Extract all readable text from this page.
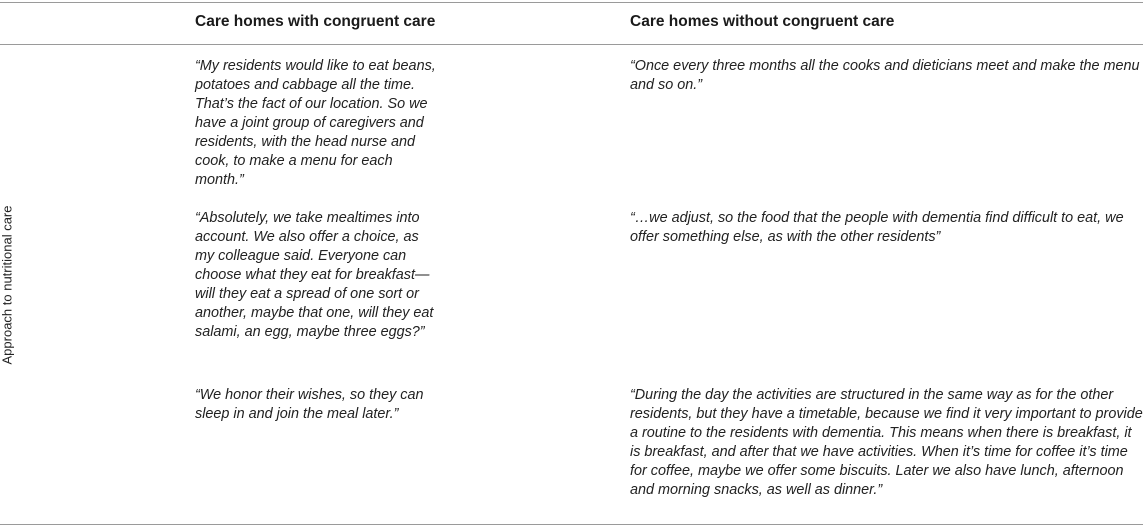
Care homes with congruent care	Care homes without congruent care
Approach to nutritional care
“My residents would like to eat beans, potatoes and cabbage all the time. That’s the fact of our location. So we have a joint group of caregivers and residents, with the head nurse and cook, to make a menu for each month.”
“Once every three months all the cooks and dieticians meet and make the menu and so on.”
“Absolutely, we take mealtimes into account. We also offer a choice, as my colleague said. Everyone can choose what they eat for breakfast—will they eat a spread of one sort or another, maybe that one, will they eat salami, an egg, maybe three eggs?”
“…we adjust, so the food that the people with dementia find difficult to eat, we offer something else, as with the other residents”
“We honor their wishes, so they can sleep in and join the meal later.”
“During the day the activities are structured in the same way as for the other residents, but they have a timetable, because we find it very important to provide a routine to the residents with dementia. This means when there is breakfast, it is breakfast, and after that we have activities. When it’s time for coffee it’s time for coffee, maybe we offer some biscuits. Later we also have lunch, afternoon and morning snacks, as well as dinner.”
